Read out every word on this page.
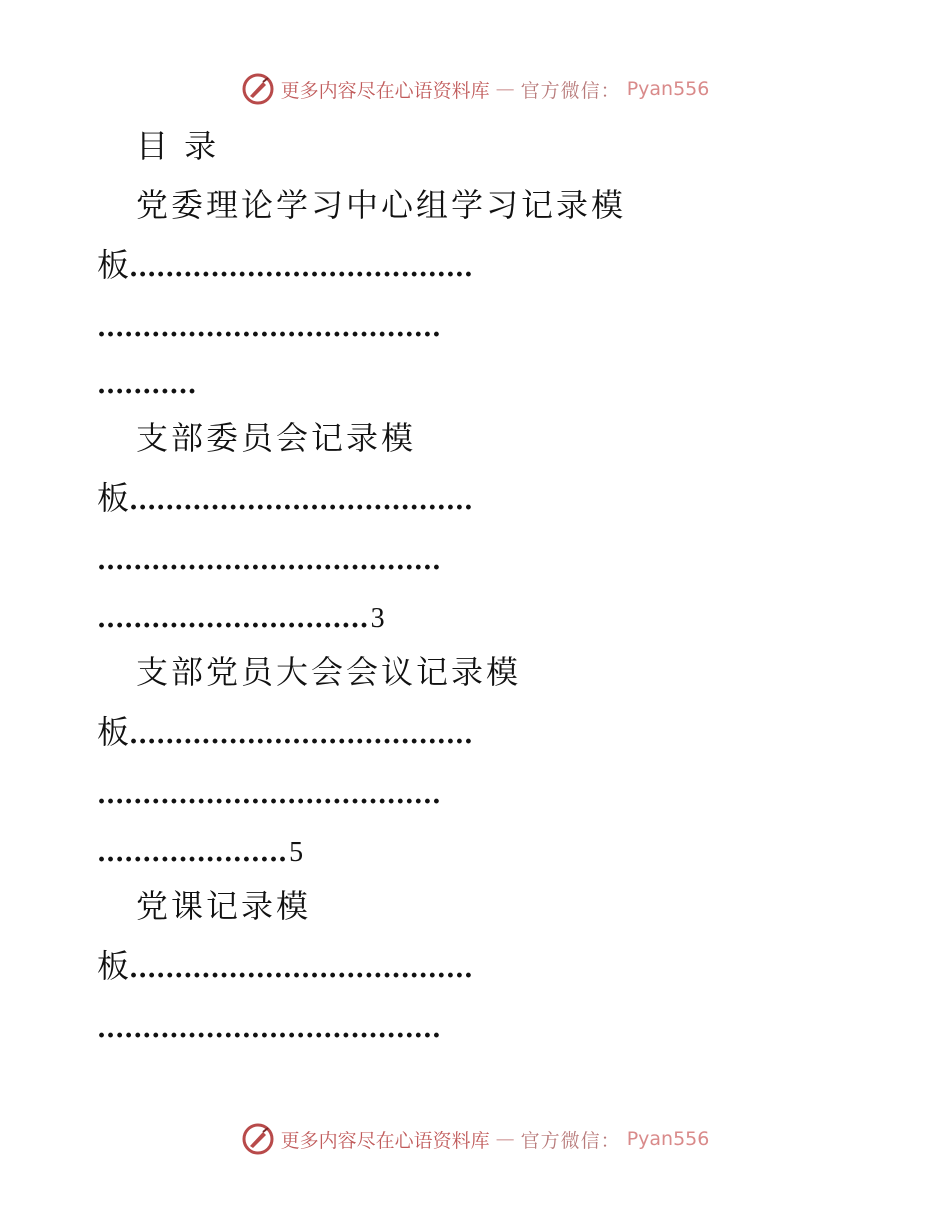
更多内容尽在心语资料库 — 官方微信： Pyan556
目 录
党委理论学习中心组学习记录模
板......................................
......................................
...........
支部委员会记录模
板......................................
......................................
..............................3
支部党员大会会议记录模
板......................................
......................................
.....................5
党课记录模
板......................................
......................................
更多内容尽在心语资料库 — 官方微信： Pyan556
